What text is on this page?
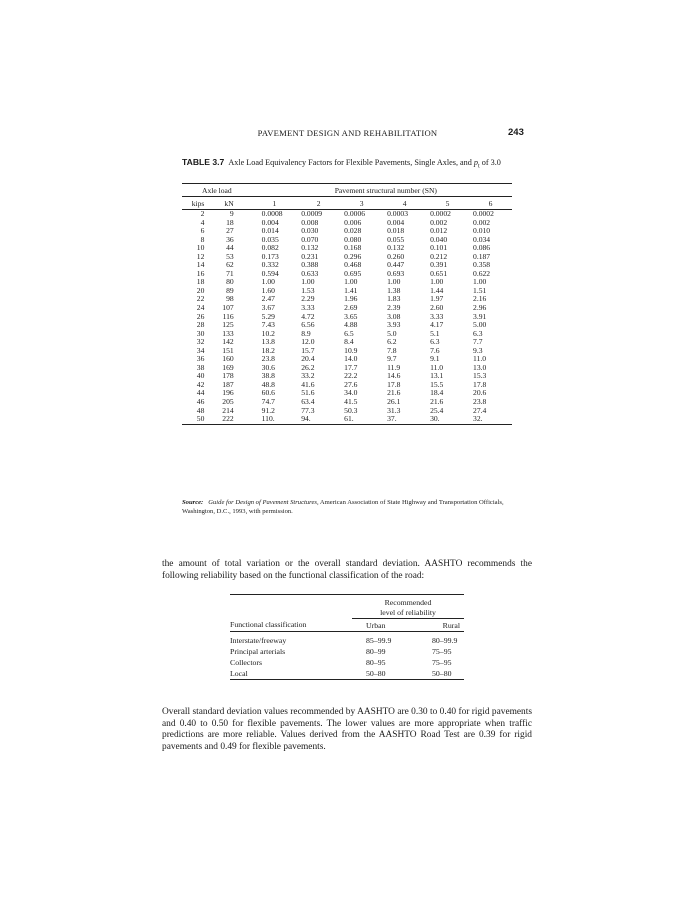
PAVEMENT DESIGN AND REHABILITATION	243
TABLE 3.7 Axle Load Equivalency Factors for Flexible Pavements, Single Axles, and $p_t$ of 3.0
Axle load		Pavement structural number (SN)					
kips	kN	1	2	3	4	5	6
2	9	0.0008	0.0009	0.0006	0.0003	0.0002	0.0002
4	18	0.004	0.008	0.006	0.004	0.002	0.002
6	27	0.014	0.030	0.028	0.018	0.012	0.010
8	36	0.035	0.070	0.080	0.055	0.040	0.034
10	44	0.082	0.132	0.168	0.132	0.101	0.086
12	53	0.173	0.231	0.296	0.260	0.212	0.187
14	62	0.332	0.388	0.468	0.447	0.391	0.358
16	71	0.594	0.633	0.695	0.693	0.651	0.622
18	80	1.00	1.00	1.00	1.00	1.00	1.00
20	89	1.60	1.53	1.41	1.38	1.44	1.51
22	98	2.47	2.29	1.96	1.83	1.97	2.16
24	107	3.67	3.33	2.69	2.39	2.60	2.96
26	116	5.29	4.72	3.65	3.08	3.33	3.91
28	125	7.43	6.56	4.88	3.93	4.17	5.00
30	133	10.2	8.9	6.5	5.0	5.1	6.3
32	142	13.8	12.0	8.4	6.2	6.3	7.7
34	151	18.2	15.7	10.9	7.8	7.6	9.3
36	160	23.8	20.4	14.0	9.7	9.1	11.0
38	169	30.6	26.2	17.7	11.9	11.0	13.0
40	178	38.8	33.2	22.2	14.6	13.1	15.3
42	187	48.8	41.6	27.6	17.8	15.5	17.8
44	196	60.6	51.6	34.0	21.6	18.4	20.6
46	205	74.7	63.4	41.5	26.1	21.6	23.8
48	214	91.2	77.3	50.3	31.3	25.4	27.4
50	222	110.	94.	61.	37.	30.	32.
Source: Guide for Design of Pavement Structures, American Association of State Highway and Transportation Officials, Washington, D.C., 1993, with permission.
the amount of total variation or the overall standard deviation. AASHTO recommends the following reliability based on the functional classification of the road:
	Recommended	
	level of reliability	
Functional classification	Urban	Rural
Interstate/freeway	85–99.9	80–99.9
Principal arterials	80–99	75–95
Collectors	80–95	75–95
Local	50–80	50–80
Overall standard deviation values recommended by AASHTO are 0.30 to 0.40 for rigid pavements and 0.40 to 0.50 for flexible pavements. The lower values are more appropriate when traffic predictions are more reliable. Values derived from the AASHTO Road Test are 0.39 for rigid pavements and 0.49 for flexible pavements.
